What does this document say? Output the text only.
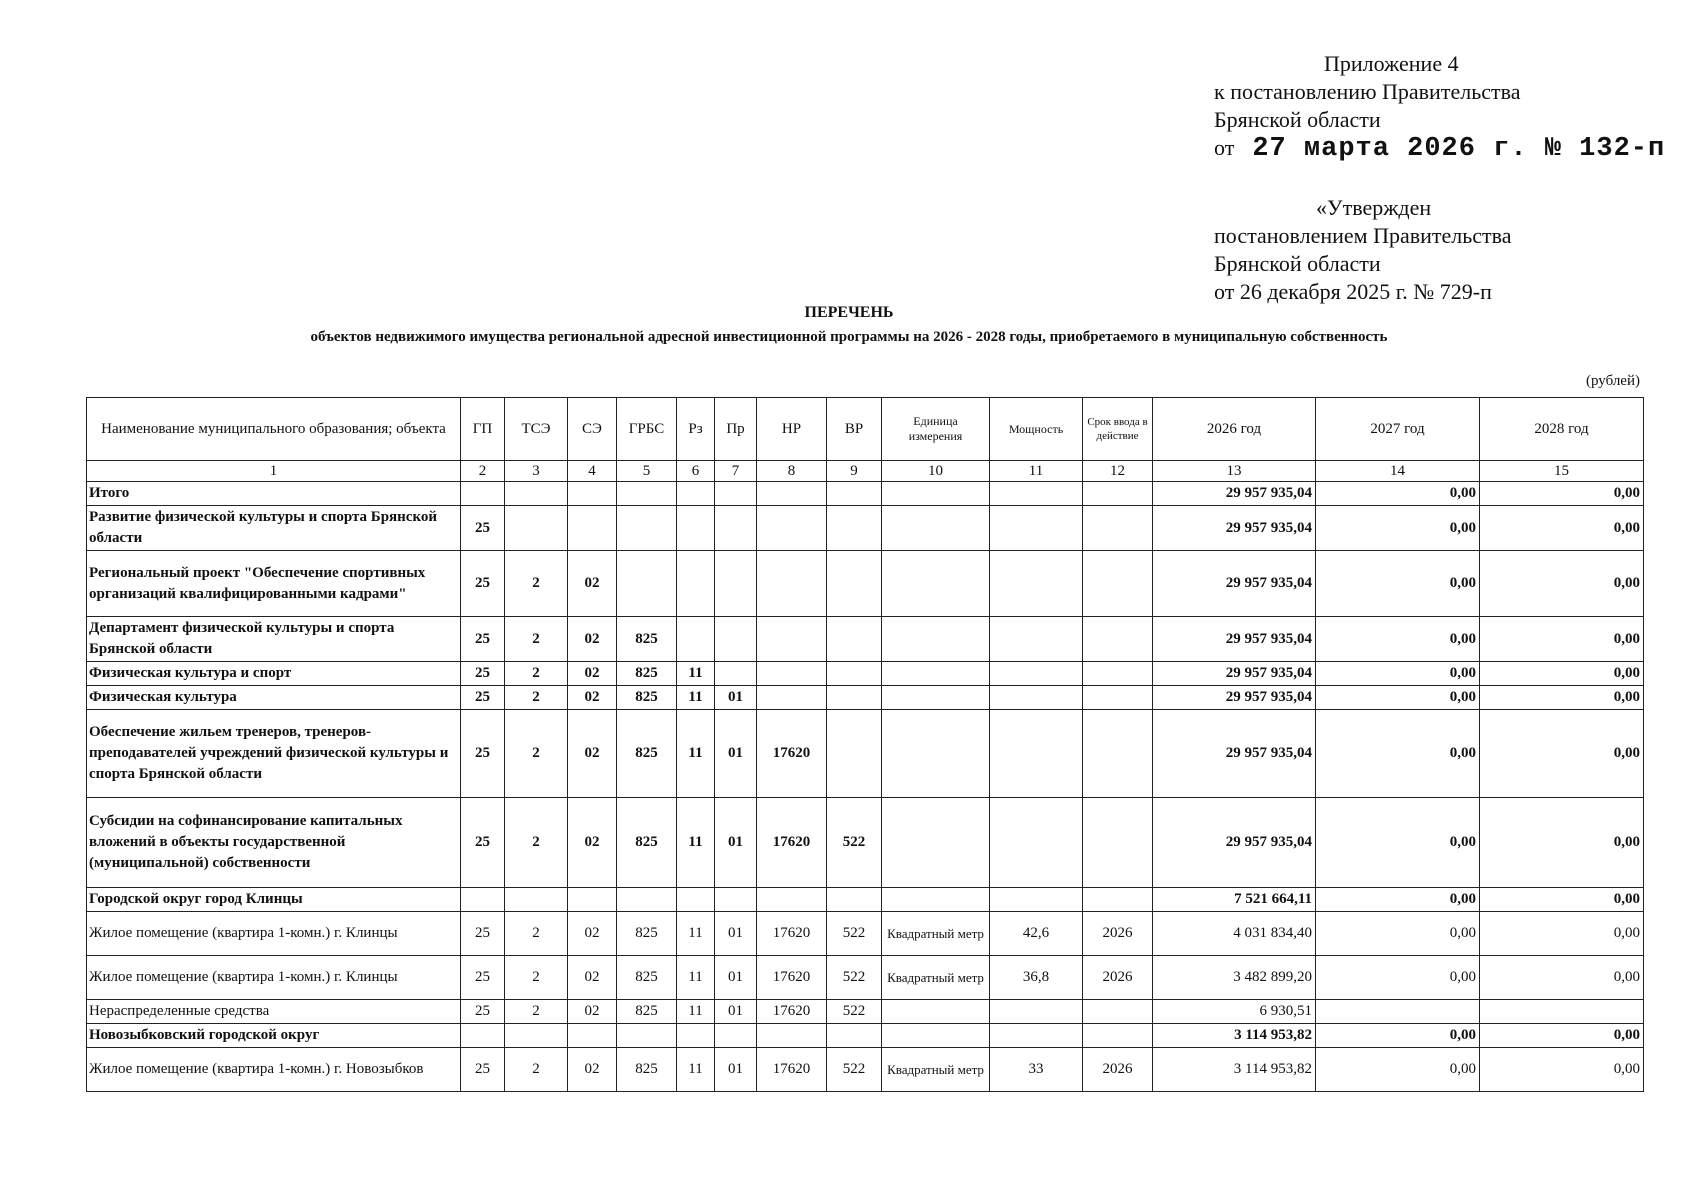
Приложение 4
к постановлению Правительства
Брянской области
от 27 марта 2026 г. № 132-п
«Утвержден
постановлением Правительства
Брянской области
от 26 декабря 2025 г. № 729-п
ПЕРЕЧЕНЬ
объектов недвижимого имущества региональной адресной инвестиционной программы на 2026 - 2028 годы, приобретаемого в муниципальную собственность
(рублей)
Наименование муниципального образования; объекта	ГП	ТСЭ	СЭ	ГРБС	Рз	Пр	НР	ВР	Единица измерения	Мощность	Срок ввода в действие	2026 год	2027 год	2028 год
1	2	3	4	5	6	7	8	9	10	11	12	13	14	15
Итого												29 957 935,04	0,00	0,00
Развитие физической культуры и спорта Брянской области	25											29 957 935,04	0,00	0,00
Региональный проект "Обеспечение спортивных организаций квалифицированными кадрами"	25	2	02									29 957 935,04	0,00	0,00
Департамент физической культуры и спорта Брянской области	25	2	02	825								29 957 935,04	0,00	0,00
Физическая культура и спорт	25	2	02	825	11							29 957 935,04	0,00	0,00
Физическая культура	25	2	02	825	11	01						29 957 935,04	0,00	0,00
Обеспечение жильем тренеров, тренеров-преподавателей учреждений физической культуры и спорта Брянской области	25	2	02	825	11	01	17620					29 957 935,04	0,00	0,00
Субсидии на софинансирование капитальных вложений в объекты государственной (муниципальной) собственности	25	2	02	825	11	01	17620	522				29 957 935,04	0,00	0,00
Городской округ город Клинцы												7 521 664,11	0,00	0,00
Жилое помещение (квартира 1-комн.) г. Клинцы	25	2	02	825	11	01	17620	522	Квадратный метр	42,6	2026	4 031 834,40	0,00	0,00
Жилое помещение (квартира 1-комн.) г. Клинцы	25	2	02	825	11	01	17620	522	Квадратный метр	36,8	2026	3 482 899,20	0,00	0,00
Нераспределенные средства	25	2	02	825	11	01	17620	522				6 930,51		
Новозыбковский городской округ												3 114 953,82	0,00	0,00
Жилое помещение (квартира 1-комн.) г. Новозыбков	25	2	02	825	11	01	17620	522	Квадратный метр	33	2026	3 114 953,82	0,00	0,00
